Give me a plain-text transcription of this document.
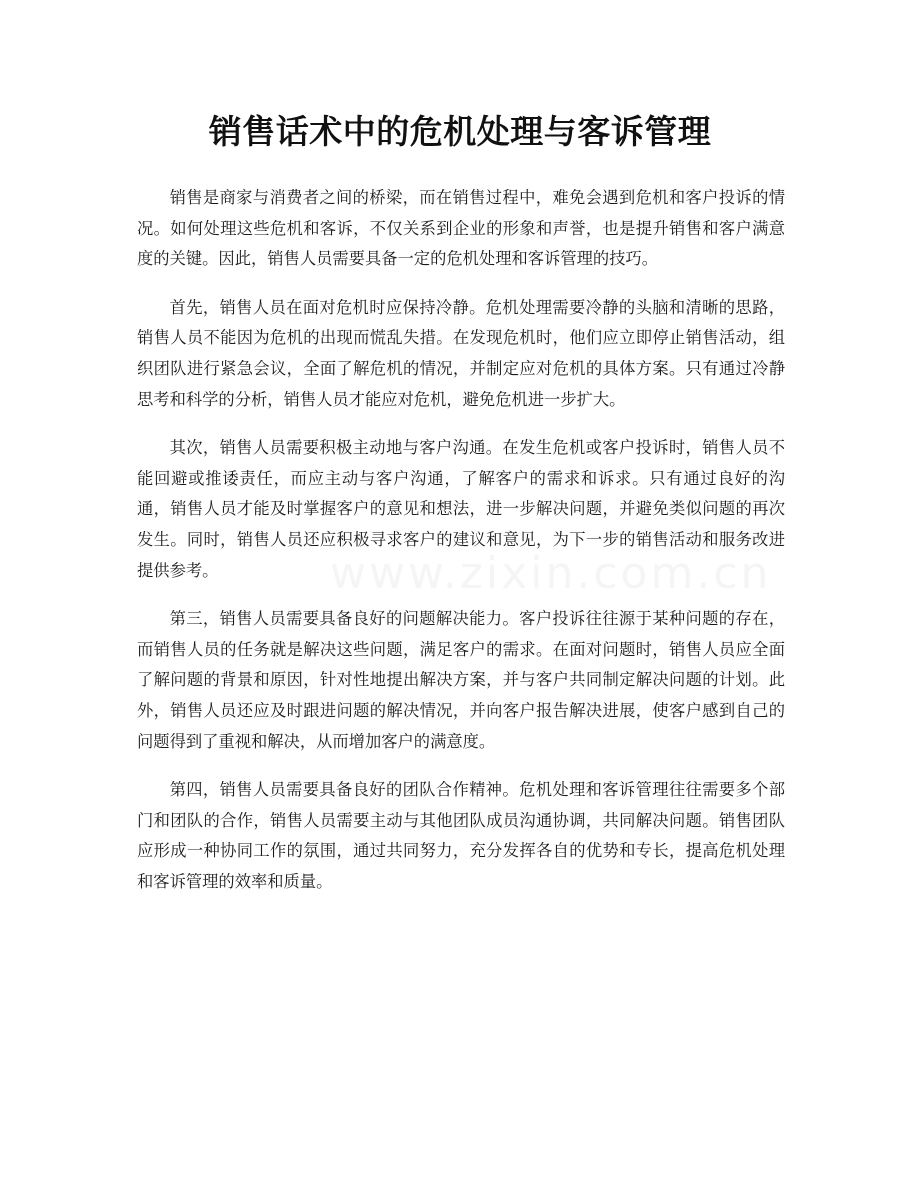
销售话术中的危机处理与客诉管理

销售是商家与消费者之间的桥梁，而在销售过程中，难免会遇到危机和客户投诉的情况。如何处理这些危机和客诉，不仅关系到企业的形象和声誉，也是提升销售和客户满意度的关键。因此，销售人员需要具备一定的危机处理和客诉管理的技巧。

首先，销售人员在面对危机时应保持冷静。危机处理需要冷静的头脑和清晰的思路，销售人员不能因为危机的出现而慌乱失措。在发现危机时，他们应立即停止销售活动，组织团队进行紧急会议，全面了解危机的情况，并制定应对危机的具体方案。只有通过冷静思考和科学的分析，销售人员才能应对危机，避免危机进一步扩大。

其次，销售人员需要积极主动地与客户沟通。在发生危机或客户投诉时，销售人员不能回避或推诿责任，而应主动与客户沟通，了解客户的需求和诉求。只有通过良好的沟通，销售人员才能及时掌握客户的意见和想法，进一步解决问题，并避免类似问题的再次发生。同时，销售人员还应积极寻求客户的建议和意见，为下一步的销售活动和服务改进提供参考。

第三，销售人员需要具备良好的问题解决能力。客户投诉往往源于某种问题的存在，而销售人员的任务就是解决这些问题，满足客户的需求。在面对问题时，销售人员应全面了解问题的背景和原因，针对性地提出解决方案，并与客户共同制定解决问题的计划。此外，销售人员还应及时跟进问题的解决情况，并向客户报告解决进展，使客户感到自己的问题得到了重视和解决，从而增加客户的满意度。

第四，销售人员需要具备良好的团队合作精神。危机处理和客诉管理往往需要多个部门和团队的合作，销售人员需要主动与其他团队成员沟通协调，共同解决问题。销售团队应形成一种协同工作的氛围，通过共同努力，充分发挥各自的优势和专长，提高危机处理和客诉管理的效率和质量。

www.zixin.com.cn
